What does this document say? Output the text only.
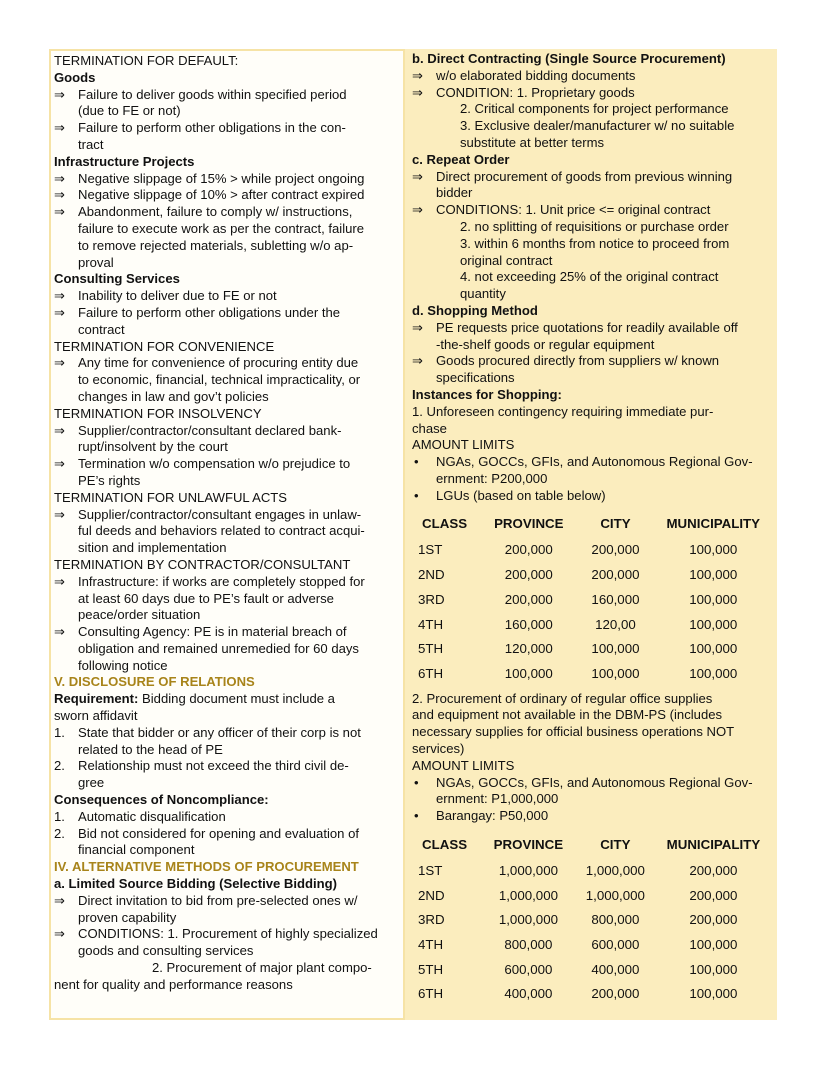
TERMINATION FOR DEFAULT:
Goods
⇒ Failure to deliver goods within specified period
(due to FE or not)
⇒ Failure to perform other obligations in the con-
tract
Infrastructure Projects
⇒ Negative slippage of 15% > while project ongoing
⇒ Negative slippage of 10% > after contract expired
⇒ Abandonment, failure to comply w/ instructions,
failure to execute work as per the contract, failure
to remove rejected materials, subletting w/o ap-
proval
Consulting Services
⇒ Inability to deliver due to FE or not
⇒ Failure to perform other obligations under the
contract
TERMINATION FOR CONVENIENCE
⇒ Any time for convenience of procuring entity due
to economic, financial, technical impracticality, or
changes in law and gov’t policies
TERMINATION FOR INSOLVENCY
⇒ Supplier/contractor/consultant declared bank-
rupt/insolvent by the court
⇒ Termination w/o compensation w/o prejudice to
PE’s rights
TERMINATION FOR UNLAWFUL ACTS
⇒ Supplier/contractor/consultant engages in unlaw-
ful deeds and behaviors related to contract acqui-
sition and implementation
TERMINATION BY CONTRACTOR/CONSULTANT
⇒ Infrastructure: if works are completely stopped for
at least 60 days due to PE’s fault or adverse
peace/order situation
⇒ Consulting Agency: PE is in material breach of
obligation and remained unremedied for 60 days
following notice
V. DISCLOSURE OF RELATIONS
Requirement: Bidding document must include a
sworn affidavit
1. State that bidder or any officer of their corp is not
related to the head of PE
2. Relationship must not exceed the third civil de-
gree
Consequences of Noncompliance:
1. Automatic disqualification
2. Bid not considered for opening and evaluation of
financial component
IV. ALTERNATIVE METHODS OF PROCUREMENT
a. Limited Source Bidding (Selective Bidding)
⇒ Direct invitation to bid from pre-selected ones w/
proven capability
⇒ CONDITIONS: 1. Procurement of highly specialized
goods and consulting services
2. Procurement of major plant compo-
nent for quality and performance reasons
b. Direct Contracting (Single Source Procurement)
⇒ w/o elaborated bidding documents
⇒ CONDITION: 1. Proprietary goods
2. Critical components for project performance
3. Exclusive dealer/manufacturer w/ no suitable
substitute at better terms
c. Repeat Order
⇒ Direct procurement of goods from previous winning
bidder
⇒ CONDITIONS: 1. Unit price <= original contract
2. no splitting of requisitions or purchase order
3. within 6 months from notice to proceed from
original contract
4. not exceeding 25% of the original contract
quantity
d. Shopping Method
⇒ PE requests price quotations for readily available off
-the-shelf goods or regular equipment
⇒ Goods procured directly from suppliers w/ known
specifications
Instances for Shopping:
1. Unforeseen contingency requiring immediate pur-
chase
AMOUNT LIMITS
•	NGAs, GOCCs, GFIs, and Autonomous Regional Gov-
ernment: P200,000
•	LGUs (based on table below)
CLASS	PROVINCE	CITY	MUNICIPALITY
1ST	200,000	200,000	100,000
2ND	200,000	200,000	100,000
3RD	200,000	160,000	100,000
4TH	160,000	120,00	100,000
5TH	120,000	100,000	100,000
6TH	100,000	100,000	100,000
2. Procurement of ordinary of regular office supplies
and equipment not available in the DBM-PS (includes
necessary supplies for official business operations NOT
services)
AMOUNT LIMITS
•	NGAs, GOCCs, GFIs, and Autonomous Regional Gov-
ernment: P1,000,000
•	Barangay: P50,000
CLASS	PROVINCE	CITY	MUNICIPALITY
1ST	1,000,000	1,000,000	200,000
2ND	1,000,000	1,000,000	200,000
3RD	1,000,000	800,000	200,000
4TH	800,000	600,000	100,000
5TH	600,000	400,000	100,000
6TH	400,000	200,000	100,000
